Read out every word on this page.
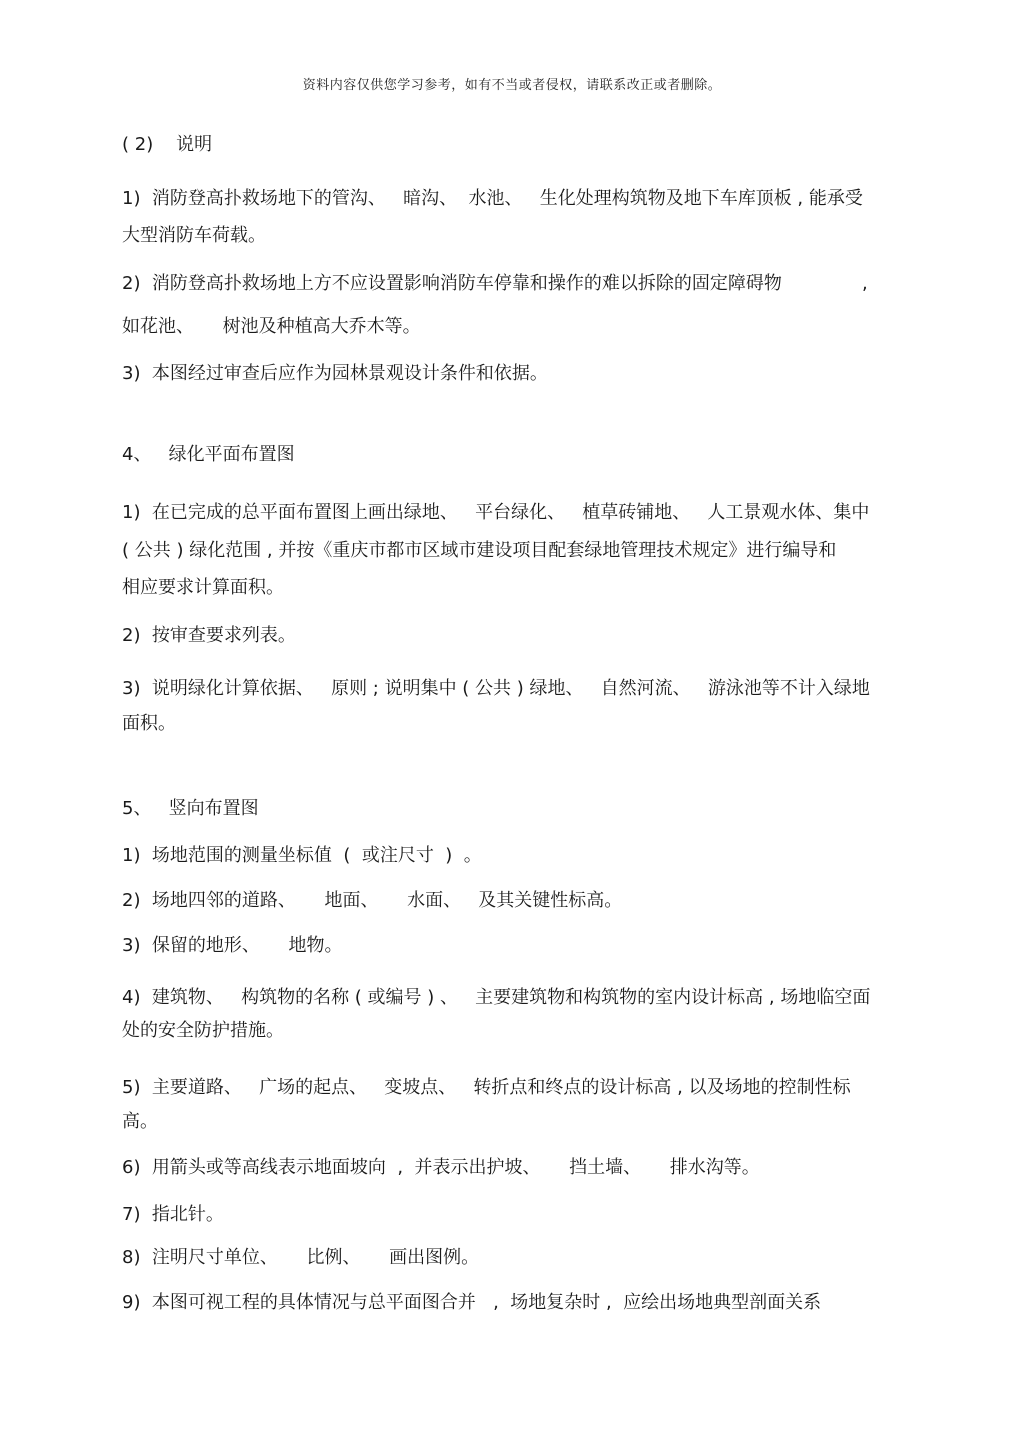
资料内容仅供您学习参考，如有不当或者侵权，请联系改正或者删除。
( 2)    说明
1)  消防登高扑救场地下的管沟、   暗沟、  水池、   生化处理构筑物及地下车库顶板 , 能承受
大型消防车荷载。
2)  消防登高扑救场地上方不应设置影响消防车停靠和操作的难以拆除的固定障碍物              ,
如花池、     树池及种植高大乔木等。
3)  本图经过审查后应作为园林景观设计条件和依据。
4、   绿化平面布置图
1)  在已完成的总平面布置图上画出绿地、   平台绿化、   植草砖铺地、   人工景观水体、集中
( 公共 ) 绿化范围 , 并按《重庆市都市区域市建设项目配套绿地管理技术规定》进行编导和
相应要求计算面积。
2)  按审查要求列表。
3)  说明绿化计算依据、   原则 ; 说明集中 ( 公共 ) 绿地、   自然河流、   游泳池等不计入绿地
面积。
5、   竖向布置图
1)  场地范围的测量坐标值  (  或注尺寸  )  。
2)  场地四邻的道路、     地面、     水面、   及其关键性标高。
3)  保留的地形、     地物。
4)  建筑物、   构筑物的名称 ( 或编号 ) 、   主要建筑物和构筑物的室内设计标高 , 场地临空面
处的安全防护措施。
5)  主要道路、   广场的起点、   变坡点、   转折点和终点的设计标高 , 以及场地的控制性标
高。
6)  用箭头或等高线表示地面坡向  ,  并表示出护坡、     挡土墙、     排水沟等。
7)  指北针。
8)  注明尺寸单位、     比例、     画出图例。
9)  本图可视工程的具体情况与总平面图合并   ,  场地复杂时 ,  应绘出场地典型剖面关系
